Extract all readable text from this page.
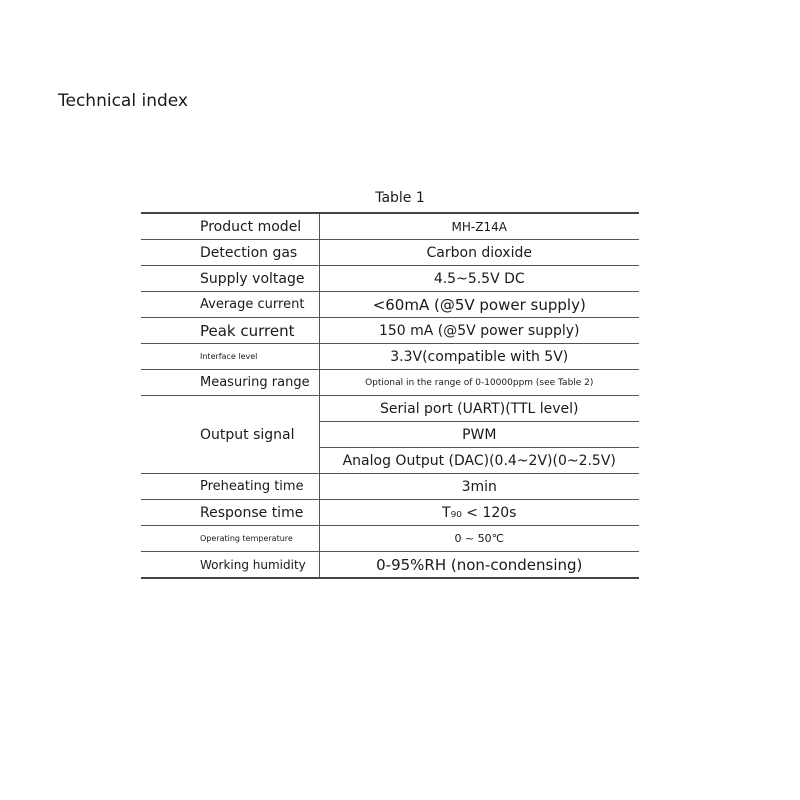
Technical index
Table 1
Product model	MH-Z14A
Detection gas	Carbon dioxide
Supply voltage	4.5~5.5V DC
Average current	<60mA (@5V power supply)
Peak current	150 mA (@5V power supply)
Interface level	3.3V(compatible with 5V)
Measuring range	Optional in the range of 0-10000ppm (see Table 2)
Output signal	Serial port (UART)(TTL level)
	PWM
	Analog Output (DAC)(0.4~2V)(0~2.5V)
Preheating time	3min
Response time	T₉₀ < 120s
Operating temperature	0 ~ 50℃
Working humidity	0-95%RH (non-condensing)
